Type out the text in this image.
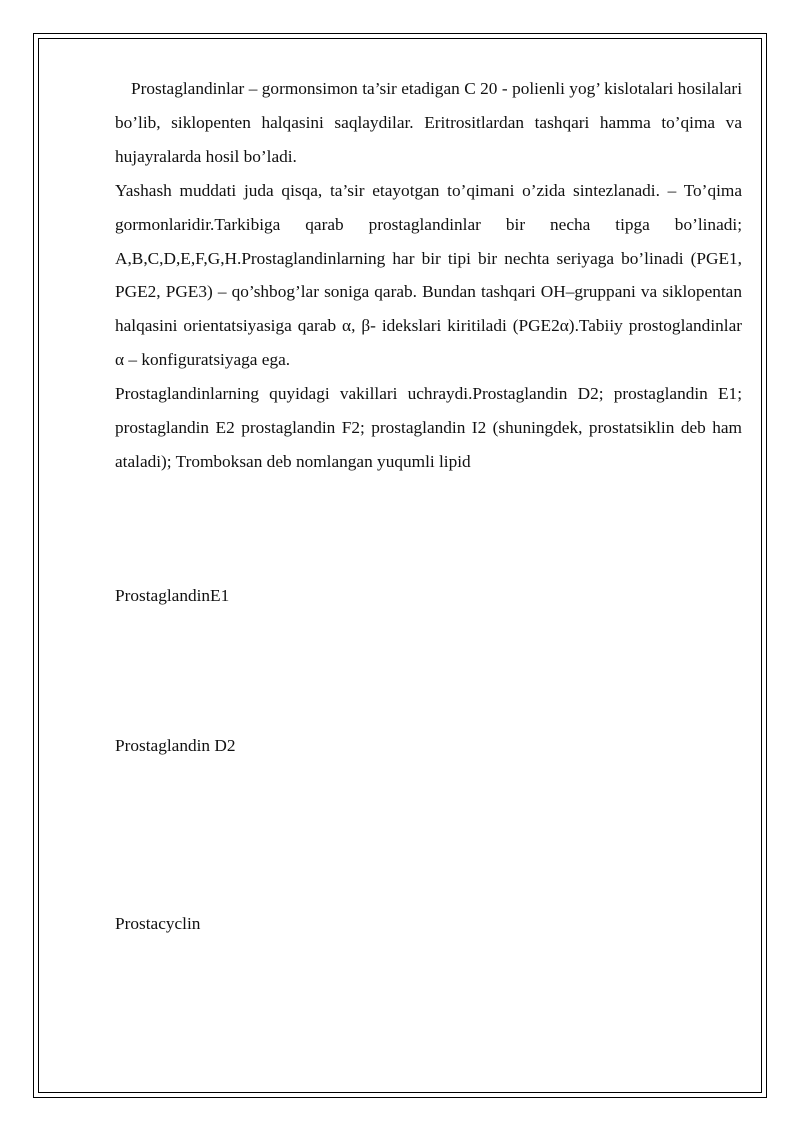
Prostaglandinlar – gormonsimon ta’sir etadigan C 20 - polienli yog’ kislotalari hosilalari bo’lib, siklopenten halqasini saqlaydilar. Eritrositlardan tashqari hamma to’qima va hujayralarda hosil bo’ladi.

Yashash muddati juda qisqa, ta’sir etayotgan to’qimani o’zida sintezlanadi. – To’qima gormonlaridir.Tarkibiga qarab prostaglandinlar bir necha tipga bo’linadi; A,B,C,D,E,F,G,H.Prostaglandinlarning har bir tipi bir nechta seriyaga bo’linadi (PGE1, PGE2, PGE3) – qo’shbog’lar soniga qarab. Bundan tashqari OH–gruppani va siklopentan halqasini orientatsiyasiga qarab α, β- idekslari kiritiladi (PGE2α).Tabiiy prostoglandinlar α – konfiguratsiyaga ega.

Prostaglandinlarning quyidagi vakillari uchraydi.Prostaglandin D2; prostaglandin E1; prostaglandin E2 prostaglandin F2; prostaglandin I2 (shuningdek, prostatsiklin deb ham ataladi); Tromboksan deb nomlangan yuqumli lipid

ProstaglandinE1

Prostaglandin D2

Prostacyclin
